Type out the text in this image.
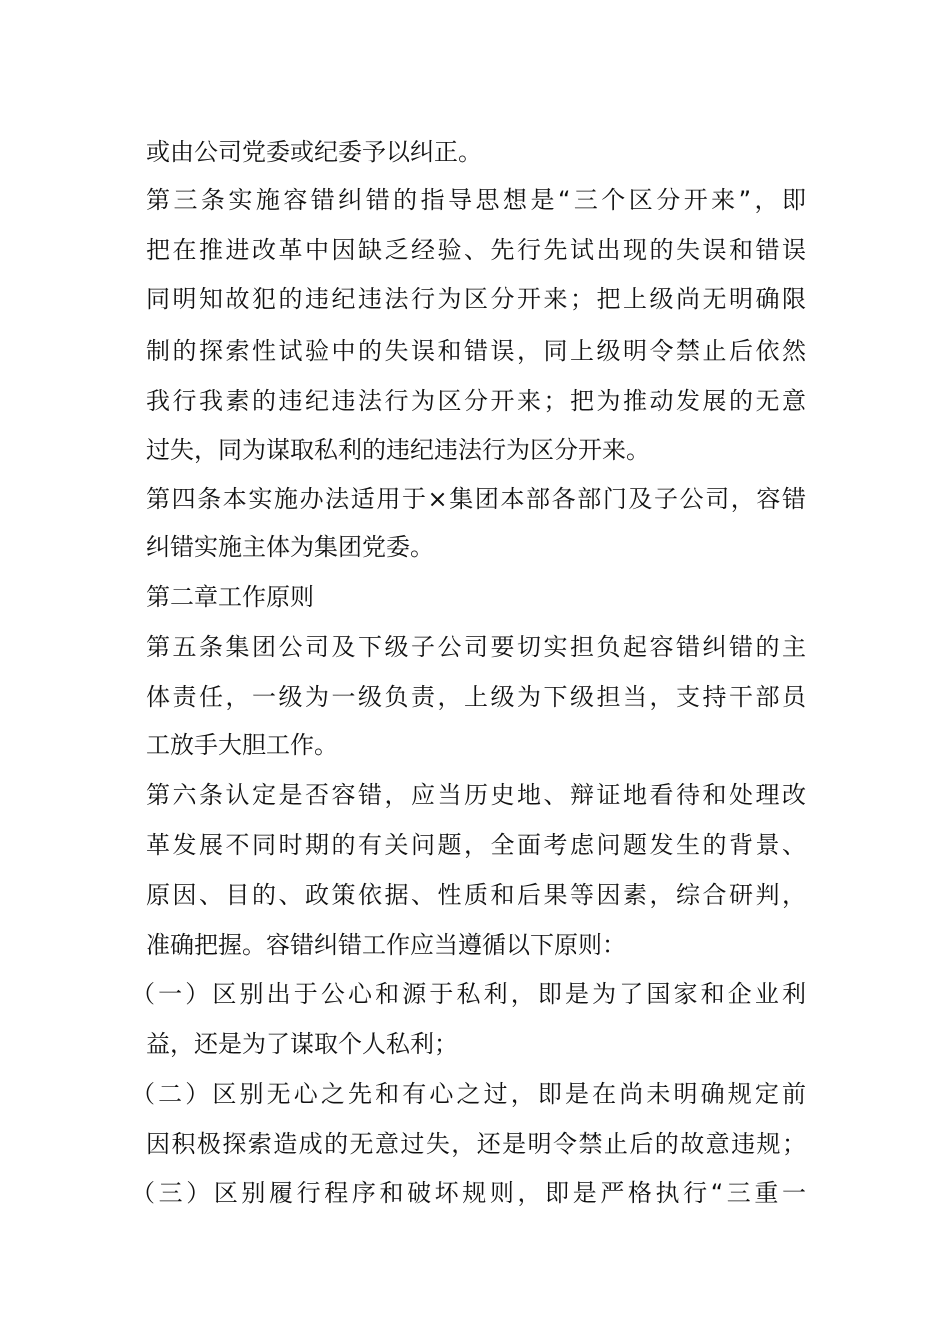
或由公司党委或纪委予以纠正。
第三条实施容错纠错的指导思想是“三个区分开来”，即
把在推进改革中因缺乏经验、先行先试出现的失误和错误
同明知故犯的违纪违法行为区分开来；把上级尚无明确限
制的探索性试验中的失误和错误，同上级明令禁止后依然
我行我素的违纪违法行为区分开来；把为推动发展的无意
过失，同为谋取私利的违纪违法行为区分开来。
第四条本实施办法适用于×集团本部各部门及子公司，容错
纠错实施主体为集团党委。
第二章工作原则
第五条集团公司及下级子公司要切实担负起容错纠错的主
体责任，一级为一级负责，上级为下级担当，支持干部员
工放手大胆工作。
第六条认定是否容错，应当历史地、辩证地看待和处理改
革发展不同时期的有关问题，全面考虑问题发生的背景、
原因、目的、政策依据、性质和后果等因素，综合研判，
准确把握。容错纠错工作应当遵循以下原则：
（一）区别出于公心和源于私利，即是为了国家和企业利
益，还是为了谋取个人私利；
（二）区别无心之先和有心之过，即是在尚未明确规定前
因积极探索造成的无意过失，还是明令禁止后的故意违规；
（三）区别履行程序和破坏规则，即是严格执行“三重一
